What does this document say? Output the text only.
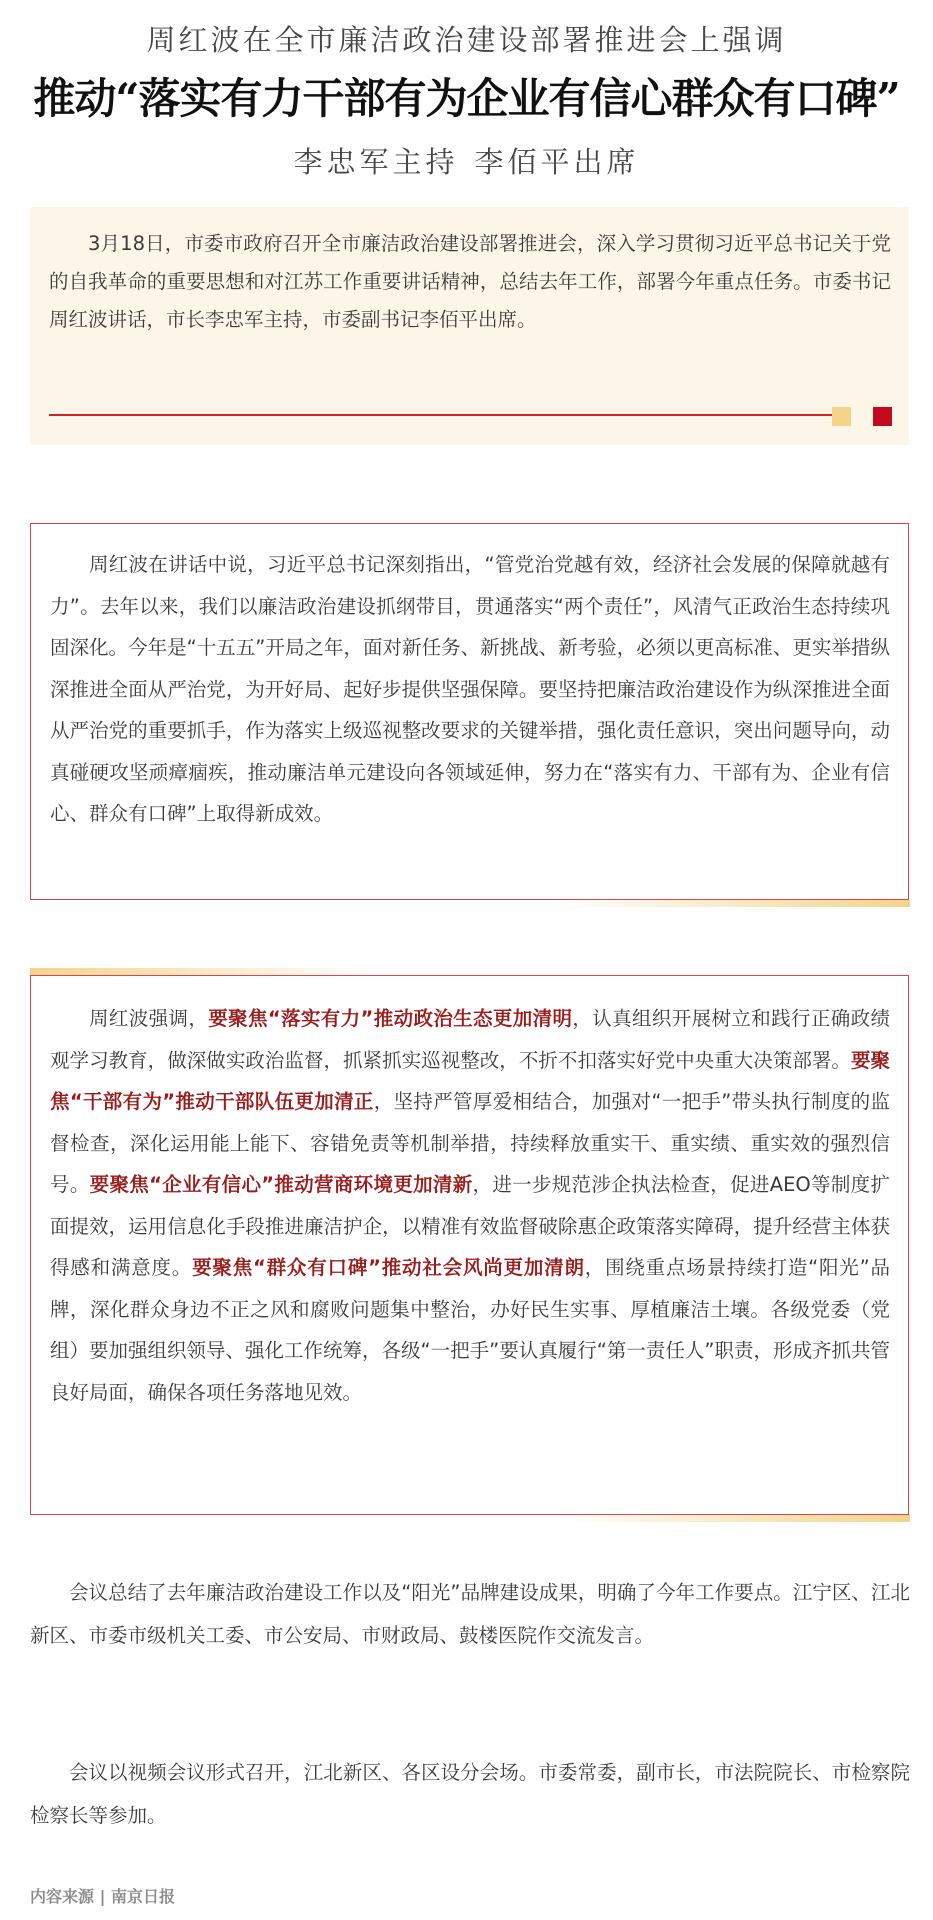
周红波在全市廉洁政治建设部署推进会上强调
推动“落实有力干部有为企业有信心群众有口碑”
李忠军主持 李佰平出席

3月18日，市委市政府召开全市廉洁政治建设部署推进会，深入学习贯彻习近平总书记关于党的自我革命的重要思想和对江苏工作重要讲话精神，总结去年工作，部署今年重点任务。市委书记周红波讲话，市长李忠军主持，市委副书记李佰平出席。

周红波在讲话中说，习近平总书记深刻指出，“管党治党越有效，经济社会发展的保障就越有力”。去年以来，我们以廉洁政治建设抓纲带目，贯通落实“两个责任”，风清气正政治生态持续巩固深化。今年是“十五五”开局之年，面对新任务、新挑战、新考验，必须以更高标准、更实举措纵深推进全面从严治党，为开好局、起好步提供坚强保障。要坚持把廉洁政治建设作为纵深推进全面从严治党的重要抓手，作为落实上级巡视整改要求的关键举措，强化责任意识，突出问题导向，动真碰硬攻坚顽瘴痼疾，推动廉洁单元建设向各领域延伸，努力在“落实有力、干部有为、企业有信心、群众有口碑”上取得新成效。

周红波强调，要聚焦“落实有力”推动政治生态更加清明，认真组织开展树立和践行正确政绩观学习教育，做深做实政治监督，抓紧抓实巡视整改，不折不扣落实好党中央重大决策部署。要聚焦“干部有为”推动干部队伍更加清正，坚持严管厚爱相结合，加强对“一把手”带头执行制度的监督检查，深化运用能上能下、容错免责等机制举措，持续释放重实干、重实绩、重实效的强烈信号。要聚焦“企业有信心”推动营商环境更加清新，进一步规范涉企执法检查，促进AEO等制度扩面提效，运用信息化手段推进廉洁护企，以精准有效监督破除惠企政策落实障碍，提升经营主体获得感和满意度。要聚焦“群众有口碑”推动社会风尚更加清朗，围绕重点场景持续打造“阳光”品牌，深化群众身边不正之风和腐败问题集中整治，办好民生实事、厚植廉洁土壤。各级党委（党组）要加强组织领导、强化工作统筹，各级“一把手”要认真履行“第一责任人”职责，形成齐抓共管良好局面，确保各项任务落地见效。

会议总结了去年廉洁政治建设工作以及“阳光”品牌建设成果，明确了今年工作要点。江宁区、江北新区、市委市级机关工委、市公安局、市财政局、鼓楼医院作交流发言。

会议以视频会议形式召开，江北新区、各区设分会场。市委常委，副市长，市法院院长、市检察院检察长等参加。

内容来源 | 南京日报
